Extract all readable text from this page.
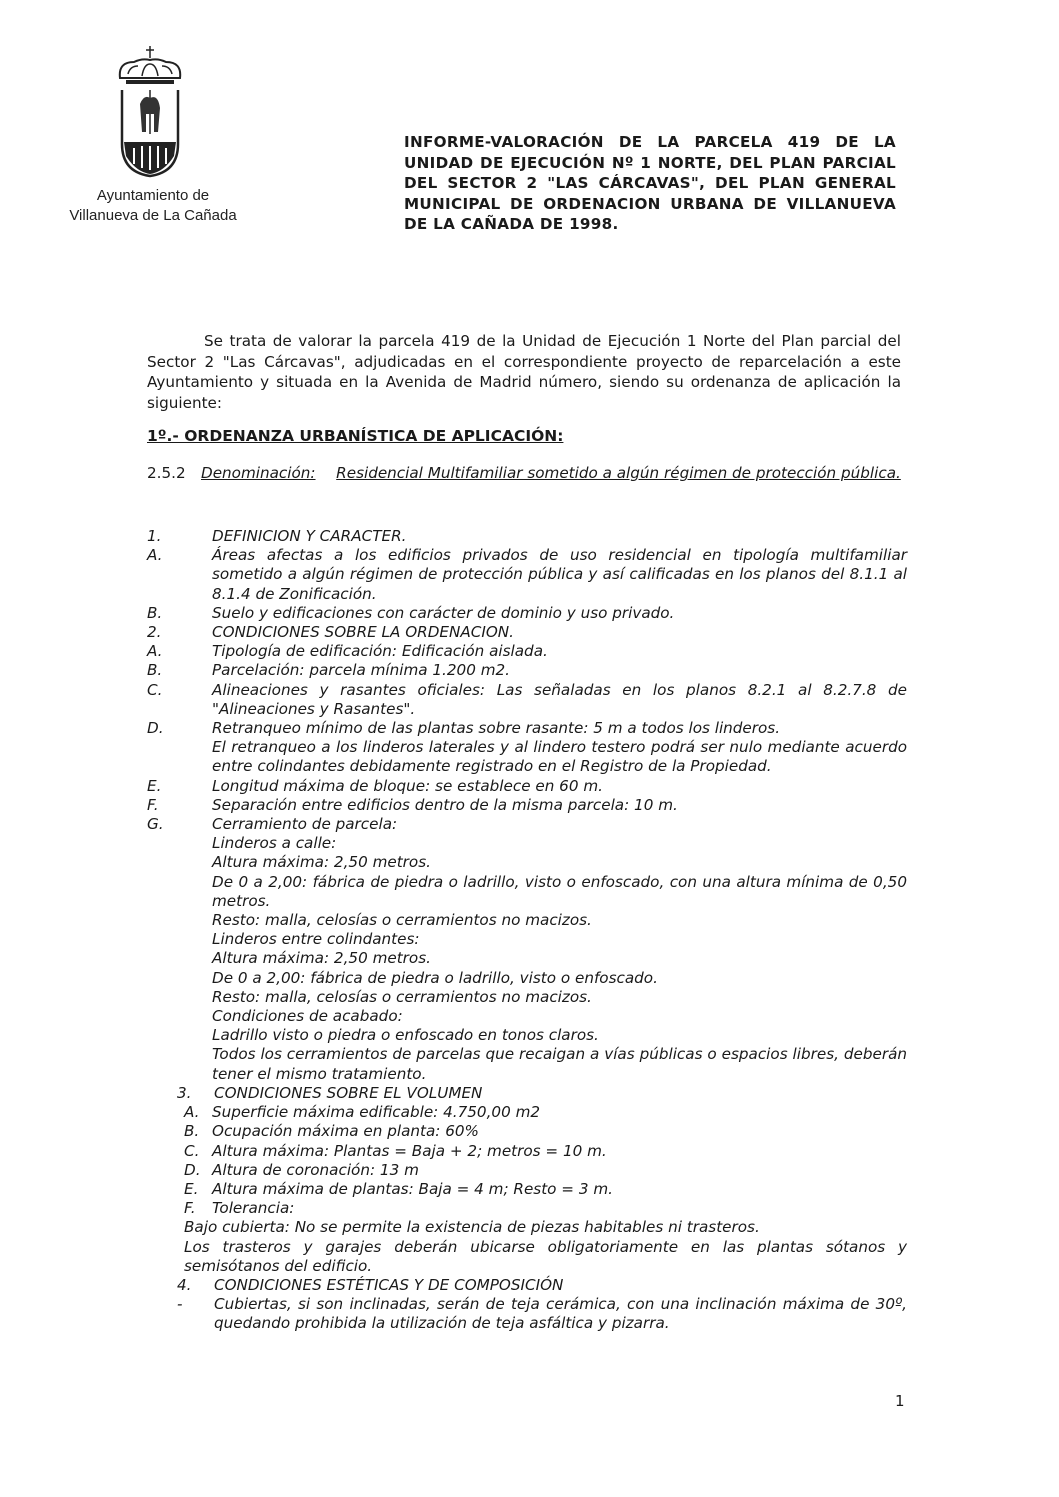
Ayuntamiento de
Villanueva de La Cañada
INFORME-VALORACIÓN DE LA PARCELA 419 DE LA UNIDAD DE EJECUCIÓN Nº 1 NORTE, DEL PLAN PARCIAL DEL SECTOR 2 "LAS CÁRCAVAS", DEL PLAN GENERAL MUNICIPAL DE ORDENACION URBANA DE VILLANUEVA DE LA CAÑADA DE 1998.
Se trata de valorar la parcela 419 de la Unidad de Ejecución 1 Norte del Plan parcial del Sector 2 "Las Cárcavas", adjudicadas en el correspondiente proyecto de reparcelación a este Ayuntamiento y situada en la Avenida de Madrid número, siendo su ordenanza de aplicación la siguiente:
1º.- ORDENANZA URBANÍSTICA DE APLICACIÓN:
2.5.2 Denominación: Residencial Multifamiliar sometido a algún régimen de protección pública.
1.	DEFINICION Y CARACTER.
A.	Áreas afectas a los edificios privados de uso residencial en tipología multifamiliar sometido a algún régimen de protección pública y así calificadas en los planos del 8.1.1 al 8.1.4 de Zonificación.
B.	Suelo y edificaciones con carácter de dominio y uso privado.
2.	CONDICIONES SOBRE LA ORDENACION.
A.	Tipología de edificación: Edificación aislada.
B.	Parcelación: parcela mínima 1.200 m2.
C.	Alineaciones y rasantes oficiales: Las señaladas en los planos 8.2.1 al 8.2.7.8 de "Alineaciones y Rasantes".
D.	Retranqueo mínimo de las plantas sobre rasante: 5 m a todos los linderos.
El retranqueo a los linderos laterales y al lindero testero podrá ser nulo mediante acuerdo entre colindantes debidamente registrado en el Registro de la Propiedad.
E.	Longitud máxima de bloque: se establece en 60 m.
F.	Separación entre edificios dentro de la misma parcela: 10 m.
G.	Cerramiento de parcela:
Linderos a calle:
Altura máxima: 2,50 metros.
De 0 a 2,00: fábrica de piedra o ladrillo, visto o enfoscado, con una altura mínima de 0,50 metros.
Resto: malla, celosías o cerramientos no macizos.
Linderos entre colindantes:
Altura máxima: 2,50 metros.
De 0 a 2,00: fábrica de piedra o ladrillo, visto o enfoscado.
Resto: malla, celosías o cerramientos no macizos.
Condiciones de acabado:
Ladrillo visto o piedra o enfoscado en tonos claros.
Todos los cerramientos de parcelas que recaigan a vías públicas o espacios libres, deberán tener el mismo tratamiento.
3.	CONDICIONES SOBRE EL VOLUMEN
A. Superficie máxima edificable: 4.750,00 m2
B. Ocupación máxima en planta: 60%
C. Altura máxima: Plantas = Baja + 2; metros = 10 m.
D. Altura de coronación: 13 m
E. Altura máxima de plantas: Baja = 4 m; Resto = 3 m.
F.	Tolerancia:
Bajo cubierta: No se permite la existencia de piezas habitables ni trasteros.
Los trasteros y garajes deberán ubicarse obligatoriamente en las plantas sótanos y semisótanos del edificio.
4.	CONDICIONES ESTÉTICAS Y DE COMPOSICIÓN
-	Cubiertas, si son inclinadas, serán de teja cerámica, con una inclinación máxima de 30º, quedando prohibida la utilización de teja asfáltica y pizarra.
1
